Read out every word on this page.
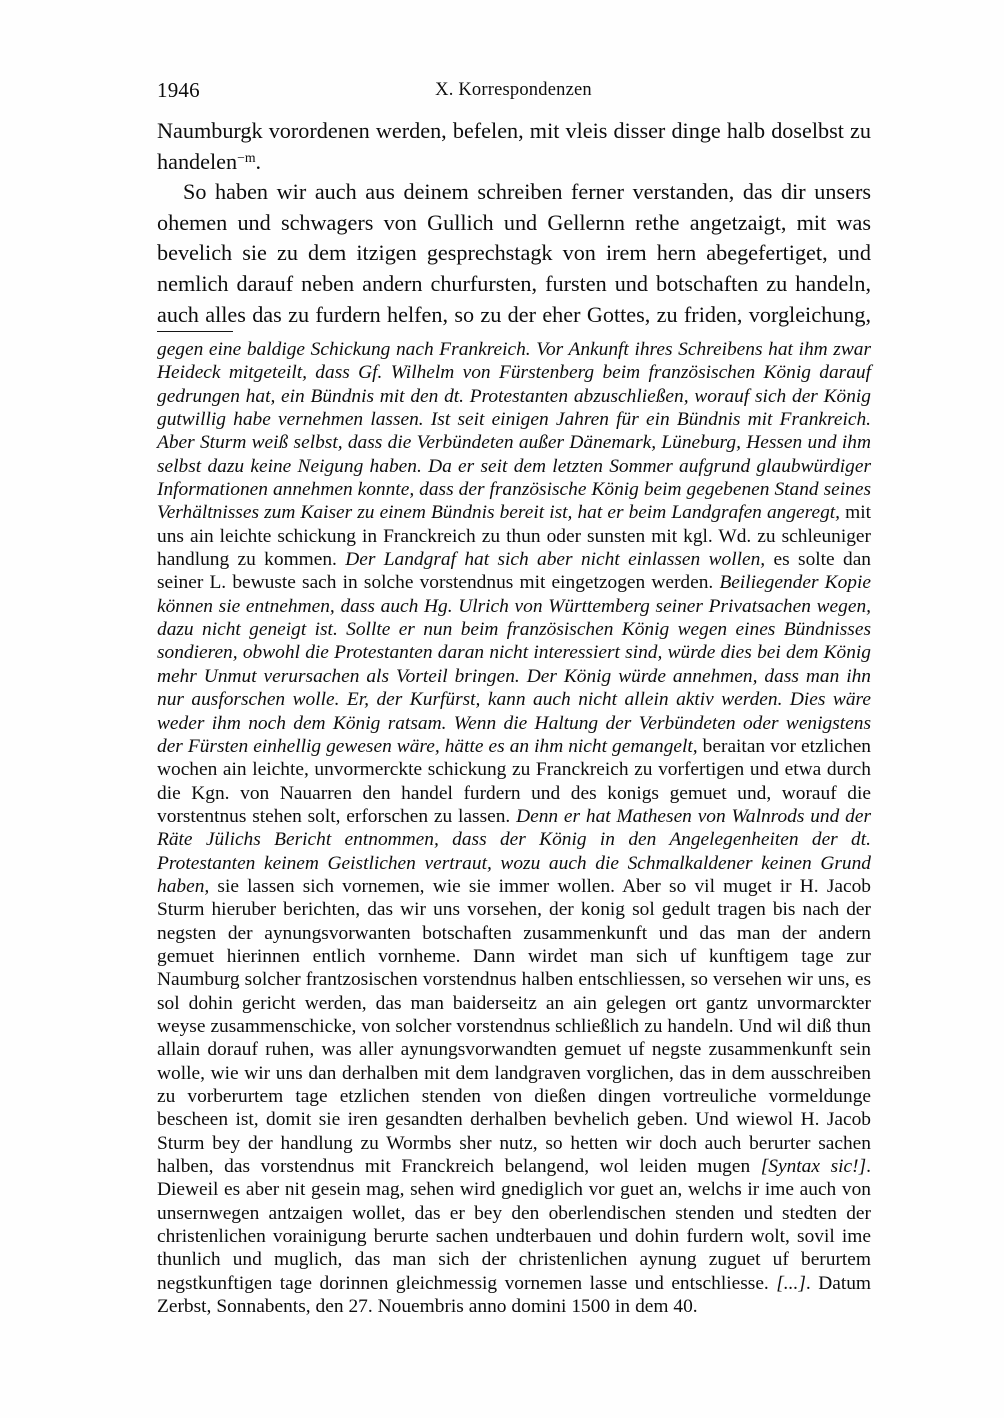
1946	X. Korrespondenzen

Naumburgk vorordenen werden, befelen, mit vleis disser dinge halb doselbst zu handelen$^{-m}$.

So haben wir auch aus deinem schreiben ferner verstanden, das dir unsers ohemen und schwagers von Gullich und Gellernn rethe angetzaigt, mit was bevelich sie zu dem itzigen gesprechstagk von irem hern abegefertiget, und nemlich darauf neben andern churfursten, fursten und botschaften zu handeln, auch alles das zu furdern helfen, so zu der eher Gottes, zu friden, vorgleichung,

gegen eine baldige Schickung nach Frankreich. Vor Ankunft ihres Schreibens hat ihm zwar Heideck mitgeteilt, dass Gf. Wilhelm von Fürstenberg beim französischen König darauf gedrungen hat, ein Bündnis mit den dt. Protestanten abzuschließen, worauf sich der König gutwillig habe vernehmen lassen. Ist seit einigen Jahren für ein Bündnis mit Frankreich. Aber Sturm weiß selbst, dass die Verbündeten außer Dänemark, Lüneburg, Hessen und ihm selbst dazu keine Neigung haben. Da er seit dem letzten Sommer aufgrund glaubwürdiger Informationen annehmen konnte, dass der französische König beim gegebenen Stand seines Verhältnisses zum Kaiser zu einem Bündnis bereit ist, hat er beim Landgrafen angeregt, mit uns ain leichte schickung in Franckreich zu thun oder sunsten mit kgl. Wd. zu schleuniger handlung zu kommen. Der Landgraf hat sich aber nicht einlassen wollen, es solte dan seiner L. bewuste sach in solche vorstendnus mit eingetzogen werden. Beiliegender Kopie können sie entnehmen, dass auch Hg. Ulrich von Württemberg seiner Privatsachen wegen, dazu nicht geneigt ist. Sollte er nun beim französischen König wegen eines Bündnisses sondieren, obwohl die Protestanten daran nicht interessiert sind, würde dies bei dem König mehr Unmut verursachen als Vorteil bringen. Der König würde annehmen, dass man ihn nur ausforschen wolle. Er, der Kurfürst, kann auch nicht allein aktiv werden. Dies wäre weder ihm noch dem König ratsam. Wenn die Haltung der Verbündeten oder wenigstens der Fürsten einhellig gewesen wäre, hätte es an ihm nicht gemangelt, beraitan vor etzlichen wochen ain leichte, unvormerckte schickung zu Franckreich zu vorfertigen und etwa durch die Kgn. von Nauarren den handel furdern und des konigs gemuet und, worauf die vorstentnus stehen solt, erforschen zu lassen. Denn er hat Mathesen von Walnrods und der Räte Jülichs Bericht entnommen, dass der König in den Angelegenheiten der dt. Protestanten keinem Geistlichen vertraut, wozu auch die Schmalkaldener keinen Grund haben, sie lassen sich vornemen, wie sie immer wollen. Aber so vil muget ir H. Jacob Sturm hieruber berichten, das wir uns vorsehen, der konig sol gedult tragen bis nach der negsten der aynungsvorwanten botschaften zusammenkunft und das man der andern gemuet hierinnen entlich vornheme. Dann wirdet man sich uf kunftigem tage zur Naumburg solcher frantzosischen vorstendnus halben entschliessen, so versehen wir uns, es sol dohin gericht werden, das man baiderseitz an ain gelegen ort gantz unvormarckter weyse zusammenschicke, von solcher vorstendnus schließlich zu handeln. Und wil diß thun allain dorauf ruhen, was aller aynungsvorwandten gemuet uf negste zusammenkunft sein wolle, wie wir uns dan derhalben mit dem landgraven vorglichen, das in dem ausschreiben zu vorberurtem tage etzlichen stenden von dießen dingen vortreuliche vormeldunge bescheen ist, domit sie iren gesandten derhalben bevhelich geben. Und wiewol H. Jacob Sturm bey der handlung zu Wormbs sher nutz, so hetten wir doch auch berurter sachen halben, das vorstendnus mit Franckreich belangend, wol leiden mugen [Syntax sic!]. Dieweil es aber nit gesein mag, sehen wird gnediglich vor guet an, welchs ir ime auch von unsernwegen antzaigen wollet, das er bey den oberlendischen stenden und stedten der christenlichen vorainigung berurte sachen undterbauen und dohin furdern wolt, sovil ime thunlich und muglich, das man sich der christenlichen aynung zuguet uf berurtem negstkunftigen tage dorinnen gleichmessig vornemen lasse und entschliesse. [...]. Datum Zerbst, Sonnabents, den 27. Nouembris anno domini 1500 in dem 40.
